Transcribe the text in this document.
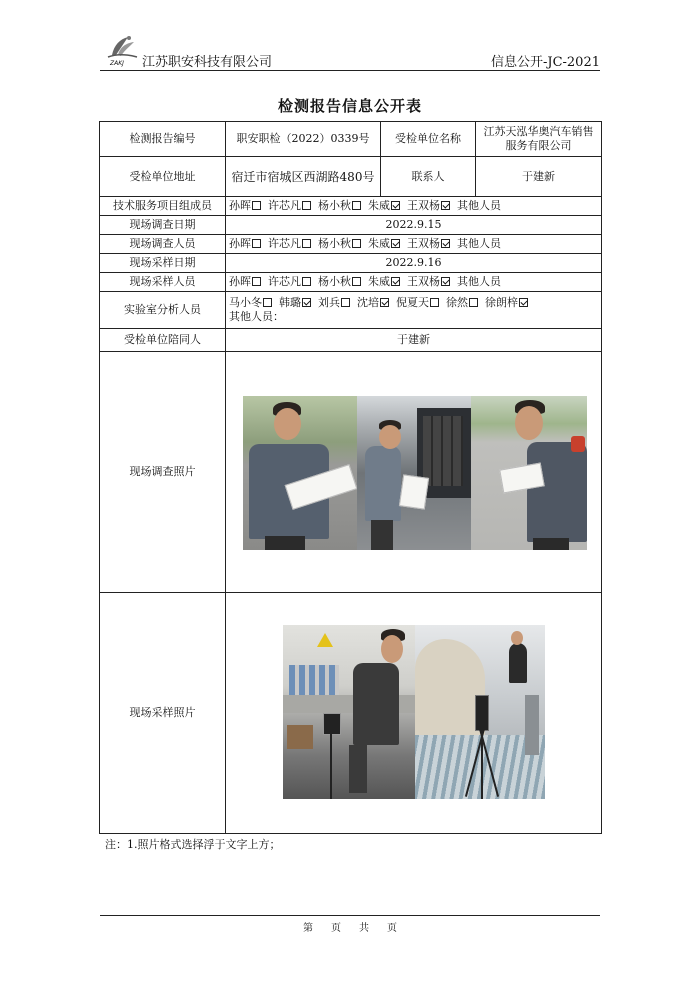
ZAKJ 江苏职安科技有限公司	信息公开-JC-2021
检测报告信息公开表
检测报告编号	职安职检（2022）0339号	受检单位名称	江苏天泓华奥汽车销售服务有限公司
受检单位地址	宿迁市宿城区西湖路480号	联系人	于建新
技术服务项目组成员	孙晖 许芯凡 杨小秋 朱威 王双杨 其他人员		
现场调查日期	2022.9.15		
现场调查人员	孙晖 许芯凡 杨小秋 朱威 王双杨 其他人员		
现场采样日期	2022.9.16		
现场采样人员	孙晖 许芯凡 杨小秋 朱威 王双杨 其他人员		
实验室分析人员	马小冬 韩璐 刘兵 沈培 倪夏天 徐然 徐朗梓
其他人员：		

受检单位陪同人	于建新		
现场调查照片			

现场采样照片			
注：1.照片格式选择浮于文字上方；
第 页 共 页
